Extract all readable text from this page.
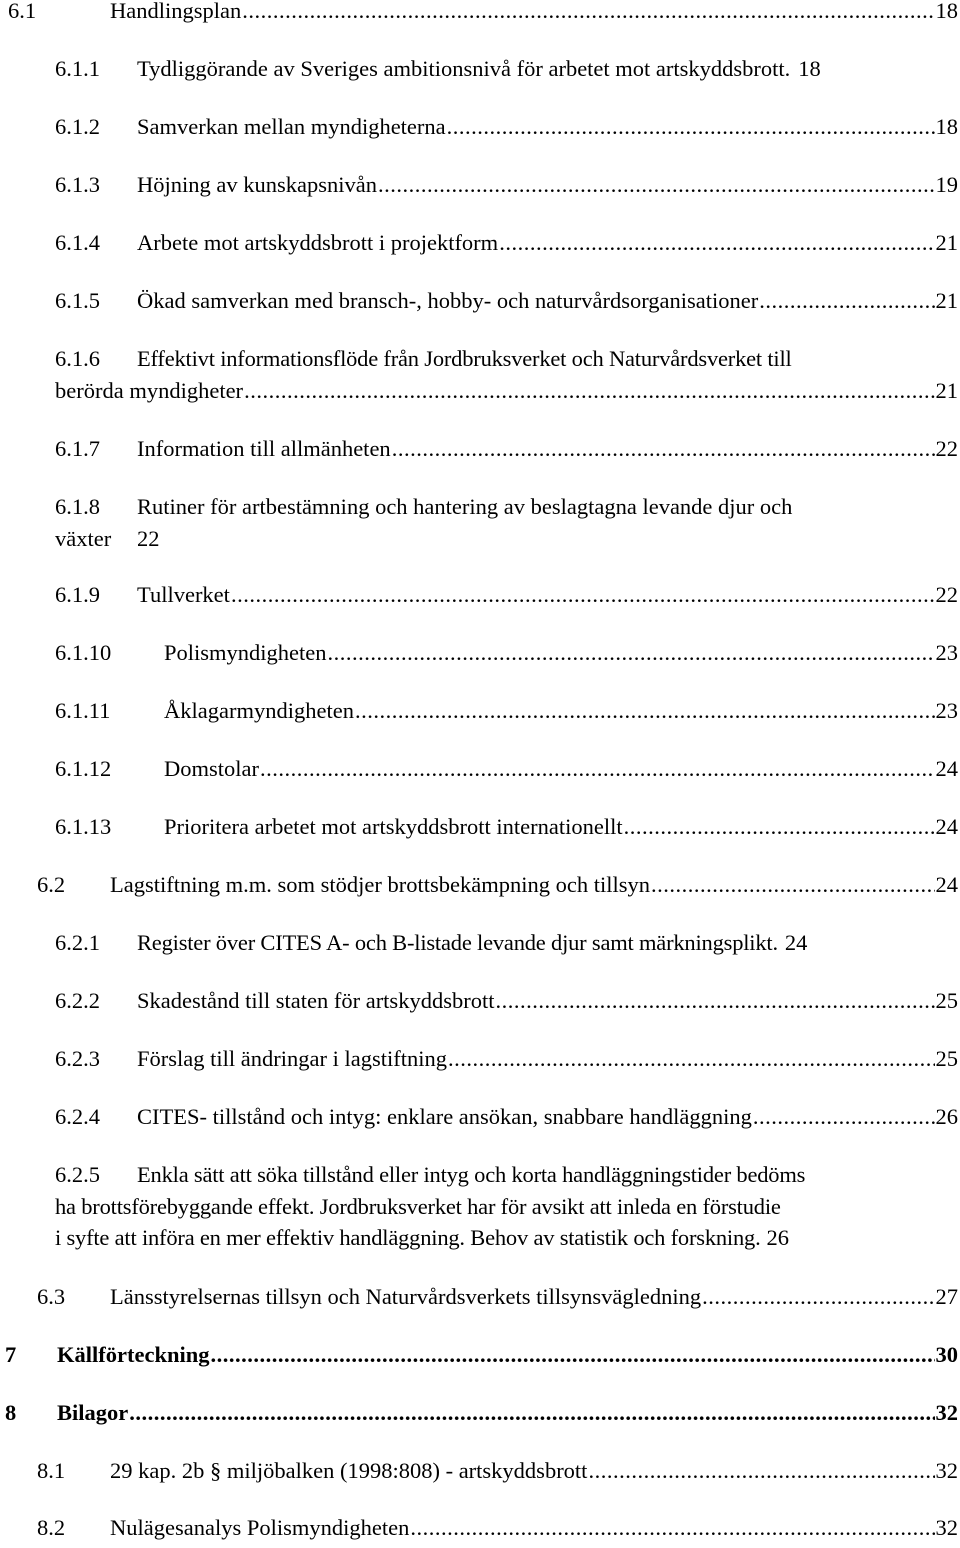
6.1	Handlingsplan .....	18
6.1.1	Tydliggörande av Sveriges ambitionsnivå för arbetet mot artskyddsbrott. 18
6.1.2	Samverkan mellan myndigheterna .....	18
6.1.3	Höjning av kunskapsnivån .....	19
6.1.4	Arbete mot artskyddsbrott i projektform .....	21
6.1.5	Ökad samverkan med bransch-, hobby- och naturvårdsorganisationer .....	21
6.1.6	Effektivt informationsflöde från Jordbruksverket och Naturvårdsverket till
berörda myndigheter .....	21
6.1.7	Information till allmänheten .....	22
6.1.8	Rutiner för artbestämning och hantering av beslagtagna levande djur och
växter	22
6.1.9	Tullverket .....	22
6.1.10	Polismyndigheten .....	23
6.1.11	Åklagarmyndigheten .....	23
6.1.12	Domstolar .....	24
6.1.13	Prioritera arbetet mot artskyddsbrott internationellt .....	24
6.2	Lagstiftning m.m. som stödjer brottsbekämpning och tillsyn .....	24
6.2.1	Register över CITES A- och B-listade levande djur samt märkningsplikt. 24
6.2.2	Skadestånd till staten för artskyddsbrott .....	25
6.2.3	Förslag till ändringar i lagstiftning .....	25
6.2.4	CITES- tillstånd och intyg: enklare ansökan, snabbare handläggning .....	26
6.2.5	Enkla sätt att söka tillstånd eller intyg och korta handläggningstider bedöms
ha brottsförebyggande effekt. Jordbruksverket har för avsikt att inleda en förstudie
i syfte att införa en mer effektiv handläggning. Behov av statistik och forskning. 26
6.3	Länsstyrelsernas tillsyn och Naturvårdsverkets tillsynsvägledning .....	27
7	Källförteckning .....	30
8	Bilagor .....	32
8.1	29 kap. 2b § miljöbalken (1998:808) - artskyddsbrott .....	32
8.2	Nulägesanalys Polismyndigheten .....	32
